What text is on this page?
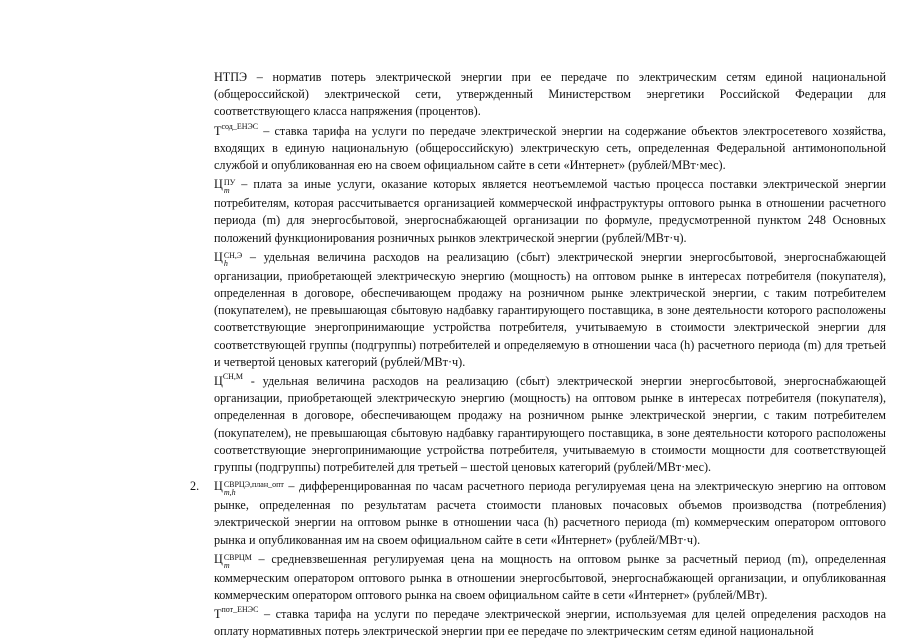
НТПЭ – норматив потерь электрической энергии при ее передаче по электрическим сетям единой национальной (общероссийской) электрической сети, утвержденный Министерством энергетики Российской Федерации для соответствующего класса напряжения (процентов).

$Т^{сод\_ЕНЭС}$ – ставка тарифа на услуги по передаче электрической энергии на содержание объектов электросетевого хозяйства, входящих в единую национальную (общероссийскую) электрическую сеть, определенная Федеральной антимонопольной службой и опубликованная ею на своем официальном сайте в сети «Интернет» (рублей/МВт·мес).

Ц ПУ
m – плата за иные услуги, оказание которых является неотъемлемой частью процесса поставки электрической энергии потребителям, которая рассчитывается организацией коммерческой инфраструктуры оптового рынка в отношении расчетного периода (m) для энергосбытовой, энергоснабжающей организации по формуле, предусмотренной пунктом 248 Основных положений функционирования розничных рынков электрической энергии (рублей/МВт·ч).

Ц СН,Э
h	– удельная величина расходов на реализацию (сбыт) электрической энергии энергосбытовой, энергоснабжающей организации, приобретающей электрическую энергию (мощность) на оптовом рынке в интересах потребителя (покупателя), определенная в договоре, обеспечивающем продажу на розничном рынке электрической энергии, с таким потребителем (покупателем), не превышающая сбытовую надбавку гарантирующего поставщика, в зоне деятельности которого расположены соответствующие энергопринимающие устройства потребителя, учитываемую в стоимости электрической энергии для соответствующей группы (подгруппы) потребителей и определяемую в отношении часа (h) расчетного периода (m) для третьей и четвертой ценовых категорий (рублей/МВт·ч).

$Ц^{СН,М}$ - удельная величина расходов на реализацию (сбыт) электрической энергии энергосбытовой, энергоснабжающей организации, приобретающей электрическую энергию (мощность) на оптовом рынке в интересах потребителя (покупателя), определенная в договоре, обеспечивающем продажу на розничном рынке электрической энергии, с таким потребителем (покупателем), не превышающая сбытовую надбавку гарантирующего поставщика, в зоне деятельности которого расположены соответствующие энергопринимающие устройства потребителя, учитываемую в стоимости мощности для соответствующей группы (подгруппы) потребителей для третьей – шестой ценовых категорий (рублей/МВт·мес).

2. Ц СВРЦЭ,план_опт
m,h	– дифференцированная по часам расчетного периода регулируемая цена на электрическую энергию на оптовом рынке, определенная по результатам расчета стоимости плановых почасовых объемов производства (потребления) электрической энергии на оптовом рынке в отношении часа (h) расчетного периода (m) коммерческим оператором оптового рынка и опубликованная им на своем официальном сайте в сети «Интернет» (рублей/МВт·ч).

Ц СВРЦМ
m	– средневзвешенная регулируемая цена на мощность на оптовом рынке за расчетный период (m), определенная коммерческим оператором оптового рынка в отношении энергосбытовой, энергоснабжающей организации, и опубликованная коммерческим оператором оптового рынка на своем официальном сайте в сети «Интернет» (рублей/МВт).

$Т^{пот\_ЕНЭС}$ – ставка тарифа на услуги по передаче электрической энергии, используемая для целей определения расходов на оплату нормативных потерь электрической энергии при ее передаче по электрическим сетям единой национальной
